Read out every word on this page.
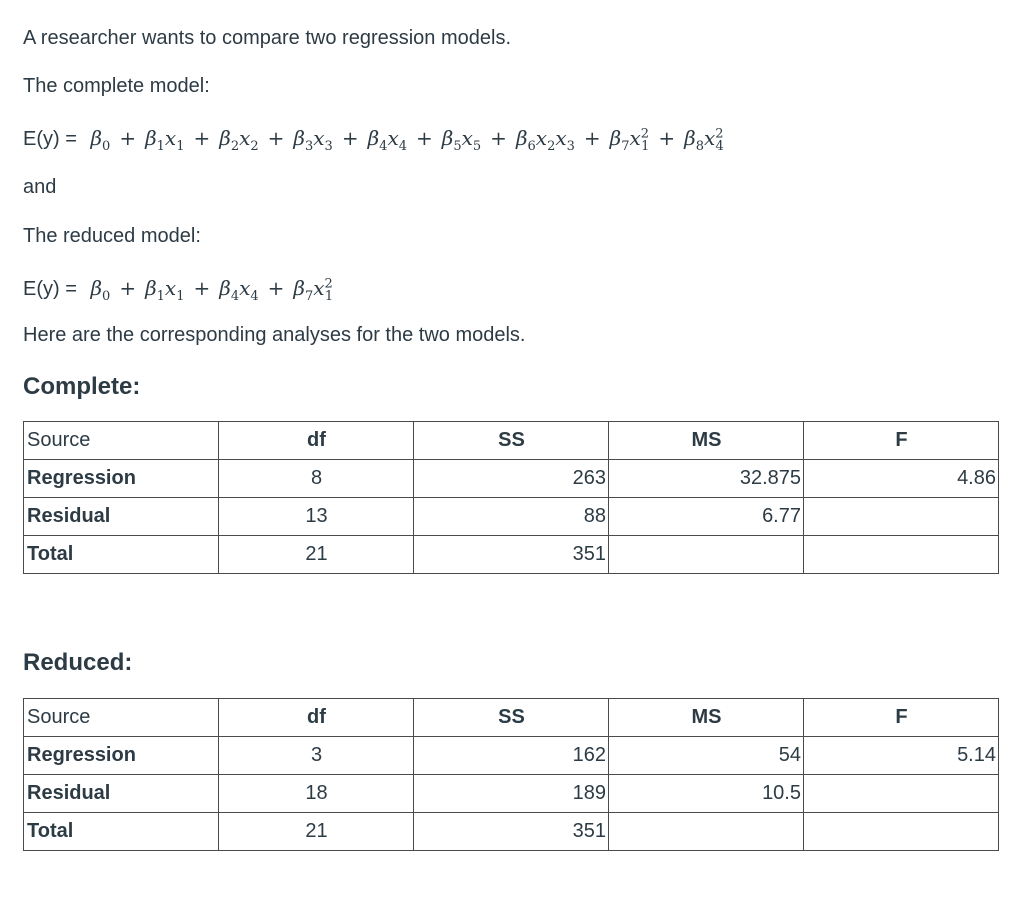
A researcher wants to compare two regression models.

The complete model:

$E(y) = \beta_0 + \beta_1x_1 + \beta_2x_2 + \beta_3x_3 + \beta_4x_4 + \beta_5x_5 + \beta_6x_2x_3 + \beta_7x^2_1 + \beta_8x^2_4$

and

The reduced model:

$E(y) = \beta_0 + \beta_1x_1 + \beta_4x_4 + \beta_7x^2_1$

Here are the corresponding analyses for the two models.

Complete:
Source	df	SS	MS	F
Regression	8	263	32.875	4.86
Residual	13	88	6.77	
Total	21	351		
Reduced:
Source	df	SS	MS	F
Regression	3	162	54	5.14
Residual	18	189	10.5	
Total	21	351		
